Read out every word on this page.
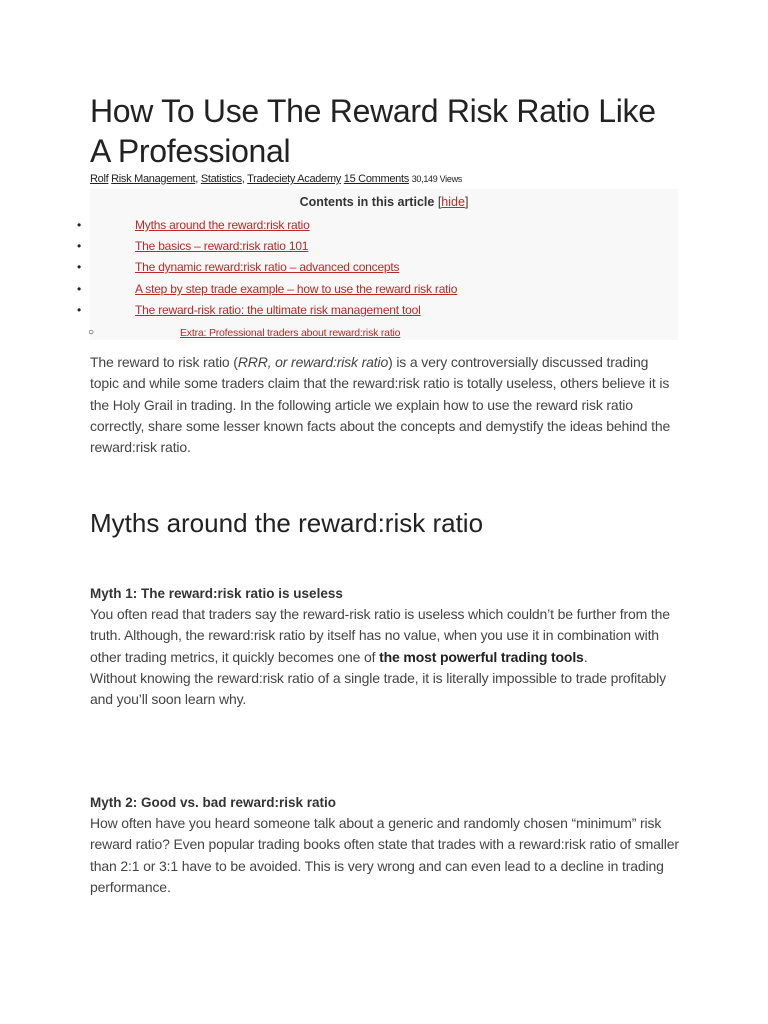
How To Use The Reward Risk Ratio Like A Professional
Rolf Risk Management, Statistics, Tradeciety Academy 15 Comments 30,149 Views
Contents in this article [hide]
•	Myths around the reward:risk ratio
•	The basics – reward:risk ratio 101
•	The dynamic reward:risk ratio – advanced concepts
•	A step by step trade example – how to use the reward risk ratio
•	The reward-risk ratio: the ultimate risk management tool
○	Extra: Professional traders about reward:risk ratio

The reward to risk ratio (RRR, or reward:risk ratio) is a very controversially discussed trading topic and while some traders claim that the reward:risk ratio is totally useless, others believe it is the Holy Grail in trading. In the following article we explain how to use the reward risk ratio correctly, share some lesser known facts about the concepts and demystify the ideas behind the reward:risk ratio.

Myths around the reward:risk ratio
Myth 1: The reward:risk ratio is useless

You often read that traders say the reward-risk ratio is useless which couldn’t be further from the truth. Although, the reward:risk ratio by itself has no value, when you use it in combination with other trading metrics, it quickly becomes one of the most powerful trading tools.
Without knowing the reward:risk ratio of a single trade, it is literally impossible to trade profitably and you’ll soon learn why.

Myth 2: Good vs. bad reward:risk ratio

How often have you heard someone talk about a generic and randomly chosen “minimum” risk reward ratio? Even popular trading books often state that trades with a reward:risk ratio of smaller than 2:1 or 3:1 have to be avoided. This is very wrong and can even lead to a decline in trading performance.
